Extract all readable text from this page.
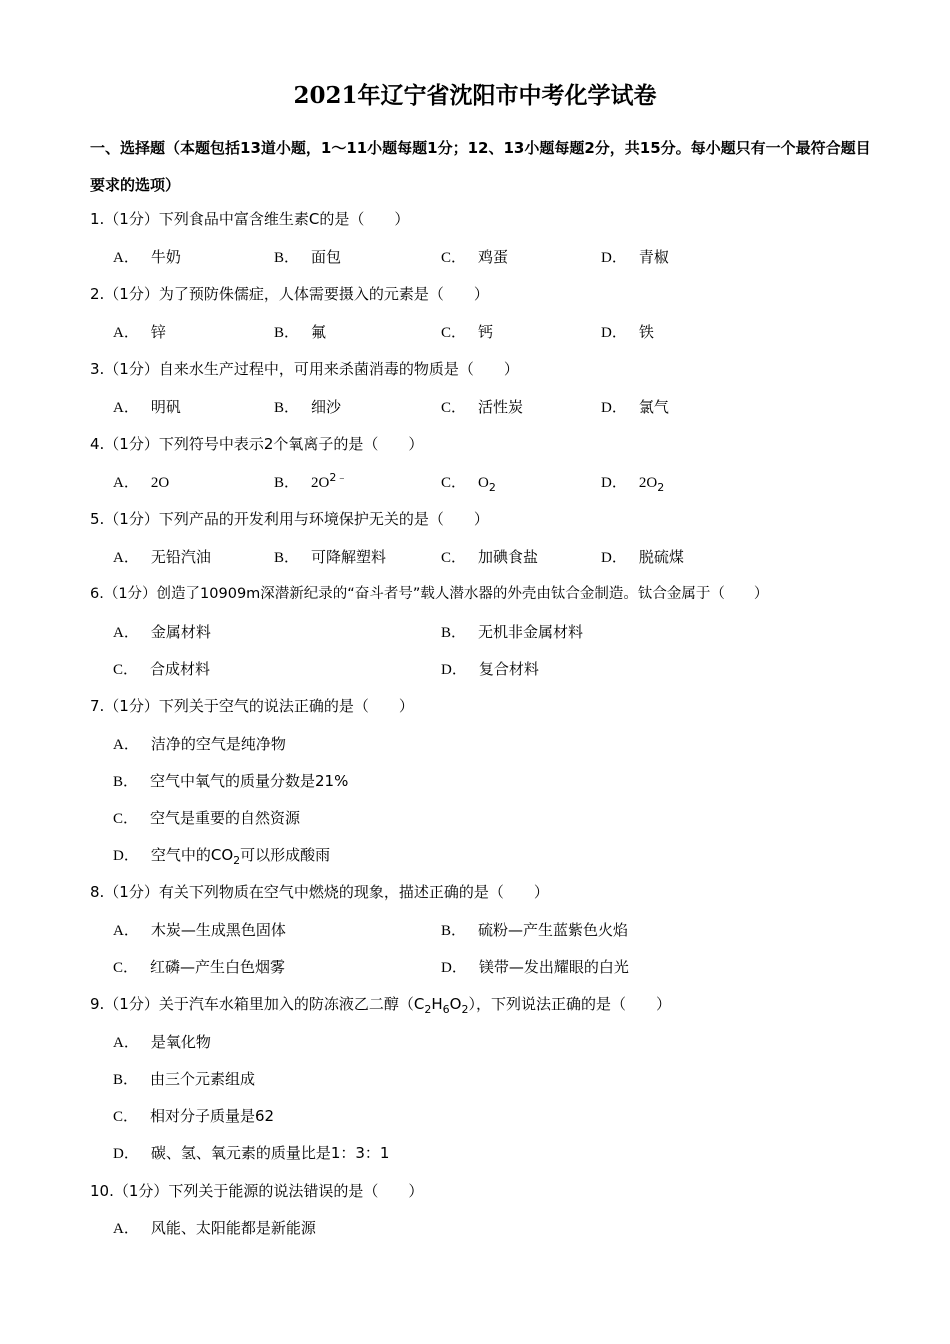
2021年辽宁省沈阳市中考化学试卷
一、选择题（本题包括13道小题，1～11小题每题1分；12、13小题每题2分，共15分。每小题只有一个最符合题目要求的选项）
1.（1分）下列食品中富含维生素C的是（　　）
A． 牛奶	B． 面包	C． 鸡蛋	D． 青椒
2.（1分）为了预防侏儒症，人体需要摄入的元素是（　　）
A． 锌	B． 氟	C． 钙	D． 铁
3.（1分）自来水生产过程中，可用来杀菌消毒的物质是（　　）
A． 明矾	B． 细沙	C． 活性炭	D． 氯气
4.（1分）下列符号中表示2个氧离子的是（　　）
A． 2O	B． $2O^{2﹣}$	C． $O_2$	D． $2O_2$
5.（1分）下列产品的开发利用与环境保护无关的是（　　）
A． 无铅汽油	B． 可降解塑料	C． 加碘食盐	D． 脱硫煤
6.（1分）创造了10909m深潜新纪录的“奋斗者号”载人潜水器的外壳由钛合金制造。钛合金属于（　　）
A． 金属材料	B． 无机非金属材料
C． 合成材料	D． 复合材料
7.（1分）下列关于空气的说法正确的是（　　）
A． 洁净的空气是纯净物
B． 空气中氧气的质量分数是21%
C． 空气是重要的自然资源
D． 空气中的$CO_2$可以形成酸雨
8.（1分）有关下列物质在空气中燃烧的现象，描述正确的是（　　）
A． 木炭—生成黑色固体	B． 硫粉—产生蓝紫色火焰
C． 红磷—产生白色烟雾	D． 镁带—发出耀眼的白光
9.（1分）关于汽车水箱里加入的防冻液乙二醇$(C_2H_6O_2)$，下列说法正确的是（　　）
A． 是氧化物
B． 由三个元素组成
C． 相对分子质量是62
D． 碳、氢、氧元素的质量比是1：3：1
10.（1分）下列关于能源的说法错误的是（　　）
A． 风能、太阳能都是新能源
